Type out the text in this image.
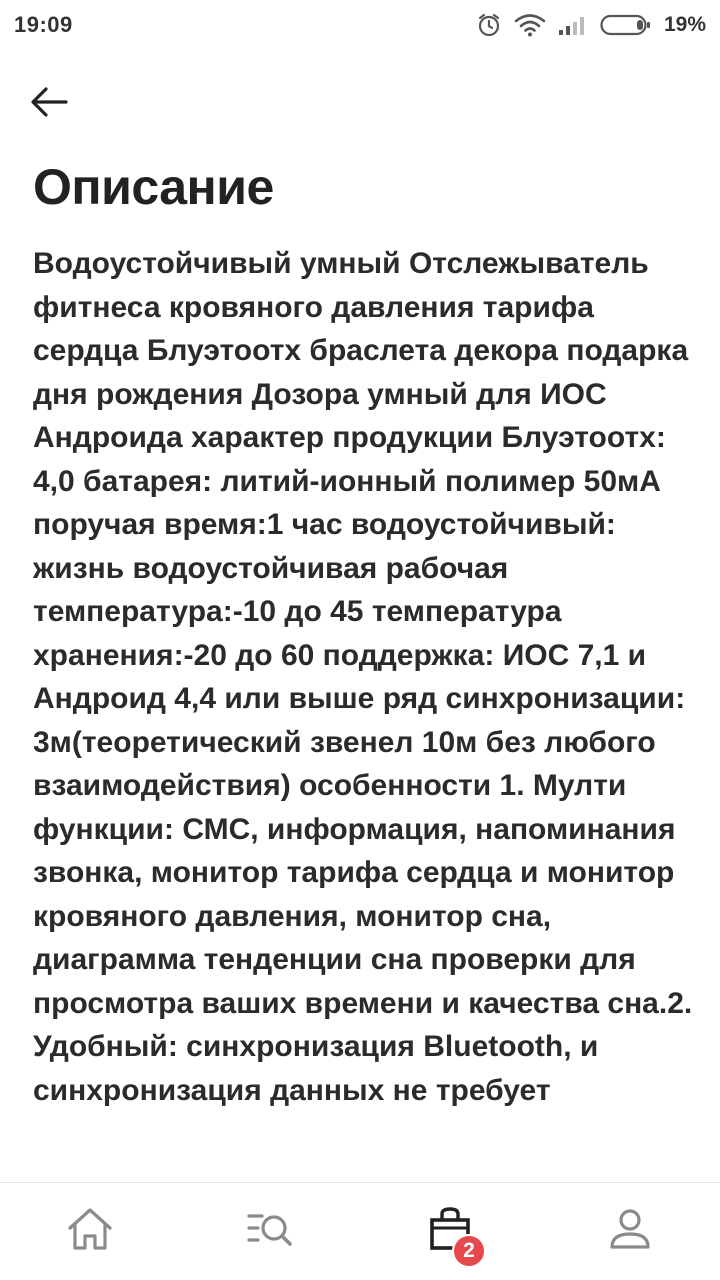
19:09	19%
Описание

Водоустойчивый умный Отслежыватель фитнеса кровяного давления тарифа сердца Блуэтоотх браслета декора подарка дня рождения Дозора умный для ИОС Андроида характер продукции Блуэтоотх: 4,0 батарея: литий-ионный полимер 50мА поручая время:1 час водоустойчивый: жизнь водоустойчивая рабочая температура:-10 до 45 температура хранения:-20 до 60 поддержка: ИОС 7,1 и Андроид 4,4 или выше ряд синхронизации: 3м(теоретический звенел 10м без любого взаимодействия) особенности 1. Мулти функции: СМС, информация, напоминания звонка, монитор тарифа сердца и монитор кровяного давления, монитор сна, диаграмма тенденции сна проверки для просмотра ваших времени и качества сна.2. Удобный: синхронизация Bluetooth, и синхронизация данных не требует

2
